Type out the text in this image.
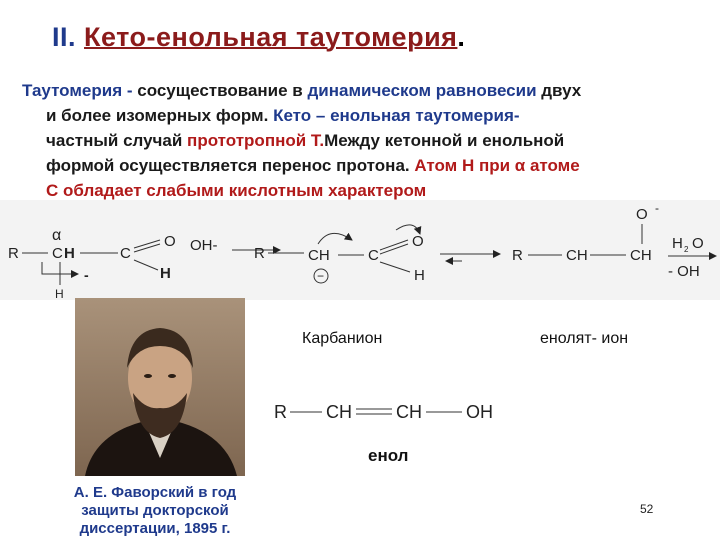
II. Кето-енольная таутомерия.
Таутомерия - сосуществование в динамическом равновесии двух
и более изомерных форм. Кето – енольная таутомерия-
частный случай прототропной Т.Между кетонной и енольной
формой осуществляется перенос протона. Атом Н при α атоме
С обладает слабыми кислотным характером
α
R C H
H
-
C
O
H
OH- R	CH
−
C
O
H
R	CH	CH
O -
H 2 O
- OH
А. Е. Фаворский в год
защиты докторской
диссертации, 1895 г.
Карбанион	енолят- ион
R CH CH OH
енол
52
